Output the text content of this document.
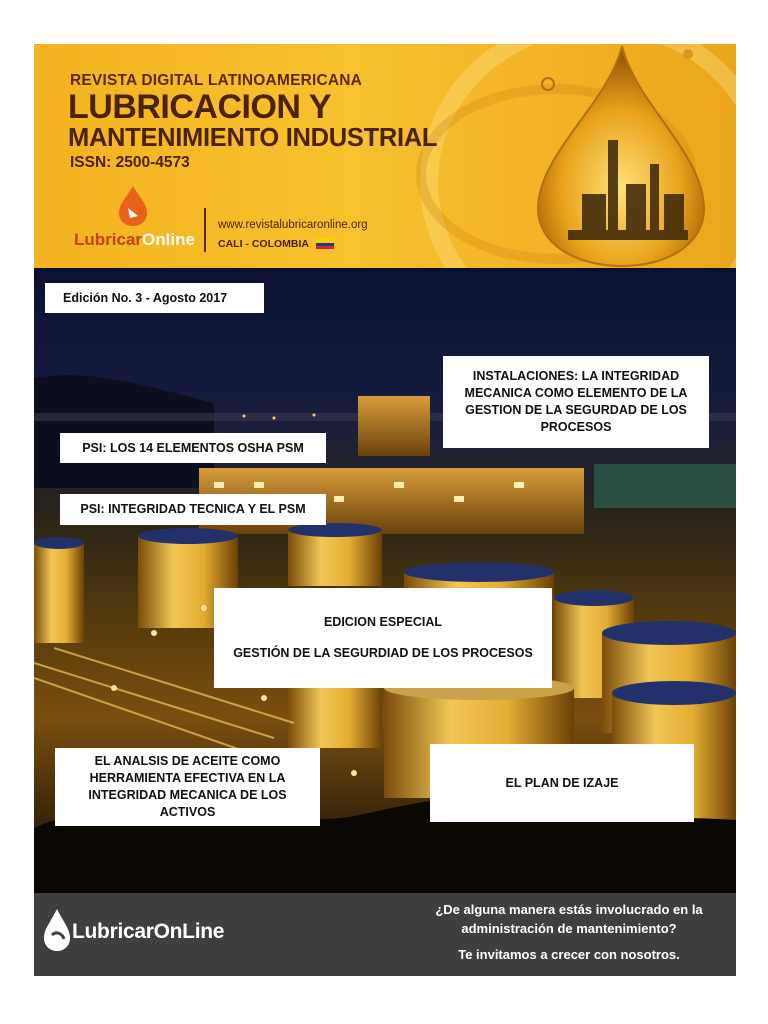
REVISTA DIGITAL LATINOAMERICANA
LUBRICACION Y
MANTENIMIENTO INDUSTRIAL
ISSN: 2500-4573
LubricarOnline
www.revistalubricaronline.org
CALI - COLOMBIA
Edición No. 3 - Agosto 2017
INSTALACIONES: LA INTEGRIDAD
MECANICA COMO ELEMENTO DE LA
GESTION DE LA SEGURDAD DE LOS
PROCESOS
PSI: LOS 14 ELEMENTOS OSHA PSM
PSI: INTEGRIDAD TECNICA Y EL PSM
EDICION ESPECIAL
GESTIÓN DE LA SEGURDIAD DE LOS PROCESOS
EL ANALSIS DE ACEITE COMO
HERRAMIENTA EFECTIVA EN LA
INTEGRIDAD MECANICA DE LOS
ACTIVOS
EL PLAN DE IZAJE
LubricarOnLine
¿De alguna manera estás involucrado en la
administración de mantenimiento?
Te invitamos a crecer con nosotros.
